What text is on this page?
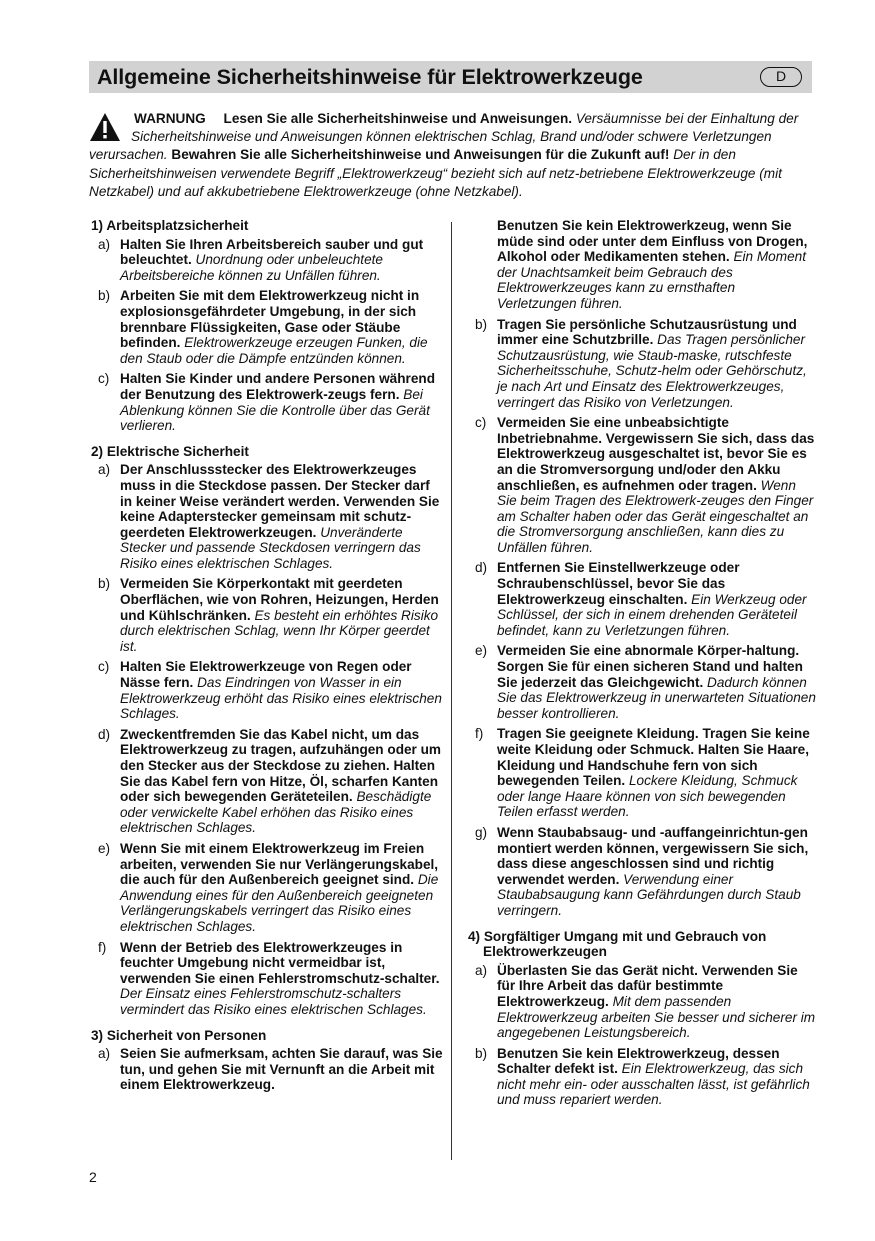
Allgemeine Sicherheitshinweise für Elektrowerkzeuge	D
WARNUNG Lesen Sie alle Sicherheitshinweise und Anweisungen. Versäumnisse bei der Einhaltung der Sicherheitshinweise und Anweisungen können elektrischen Schlag, Brand und/oder schwere Verletzungen verursachen. Bewahren Sie alle Sicherheitshinweise und Anweisungen für die Zukunft auf! Der in den Sicherheitshinweisen verwendete Begriff „Elektrowerkzeug“ bezieht sich auf netz-betriebene Elektrowerkzeuge (mit Netzkabel) und auf akkubetriebene Elektrowerkzeuge (ohne Netzkabel).
1) Arbeitsplatzsicherheit
a) Halten Sie Ihren Arbeitsbereich sauber und gut beleuchtet. Unordnung oder unbeleuchtete Arbeitsbereiche können zu Unfällen führen.
b) Arbeiten Sie mit dem Elektrowerkzeug nicht in explosionsgefährdeter Umgebung, in der sich brennbare Flüssigkeiten, Gase oder Stäube befinden. Elektrowerkzeuge erzeugen Funken, die den Staub oder die Dämpfe entzünden können.
c) Halten Sie Kinder und andere Personen während der Benutzung des Elektrowerk-zeugs fern. Bei Ablenkung können Sie die Kontrolle über das Gerät verlieren.
2) Elektrische Sicherheit
a) Der Anschlussstecker des Elektrowerkzeuges muss in die Steckdose passen. Der Stecker darf in keiner Weise verändert werden. Verwenden Sie keine Adapterstecker gemeinsam mit schutz-geerdeten Elektrowerkzeugen. Unveränderte Stecker und passende Steckdosen verringern das Risiko eines elektrischen Schlages.
b) Vermeiden Sie Körperkontakt mit geerdeten Oberflächen, wie von Rohren, Heizungen, Herden und Kühlschränken. Es besteht ein erhöhtes Risiko durch elektrischen Schlag, wenn Ihr Körper geerdet ist.
c) Halten Sie Elektrowerkzeuge von Regen oder Nässe fern. Das Eindringen von Wasser in ein Elektrowerkzeug erhöht das Risiko eines elektrischen Schlages.
d) Zweckentfremden Sie das Kabel nicht, um das Elektrowerkzeug zu tragen, aufzuhängen oder um den Stecker aus der Steckdose zu ziehen. Halten Sie das Kabel fern von Hitze, Öl, scharfen Kanten oder sich bewegenden Geräteteilen. Beschädigte oder verwickelte Kabel erhöhen das Risiko eines elektrischen Schlages.
e) Wenn Sie mit einem Elektrowerkzeug im Freien arbeiten, verwenden Sie nur Verlängerungskabel, die auch für den Außenbereich geeignet sind. Die Anwendung eines für den Außenbereich geeigneten Verlängerungskabels verringert das Risiko eines elektrischen Schlages.
f) Wenn der Betrieb des Elektrowerkzeuges in feuchter Umgebung nicht vermeidbar ist, verwenden Sie einen Fehlerstromschutz-schalter. Der Einsatz eines Fehlerstromschutz-schalters vermindert das Risiko eines elektrischen Schlages.
3) Sicherheit von Personen
a) Seien Sie aufmerksam, achten Sie darauf, was Sie tun, und gehen Sie mit Vernunft an die Arbeit mit einem Elektrowerkzeug.
Benutzen Sie kein Elektrowerkzeug, wenn Sie müde sind oder unter dem Einfluss von Drogen, Alkohol oder Medikamenten stehen. Ein Moment der Unachtsamkeit beim Gebrauch des Elektrowerkzeuges kann zu ernsthaften Verletzungen führen.
b) Tragen Sie persönliche Schutzausrüstung und immer eine Schutzbrille. Das Tragen persönlicher Schutzausrüstung, wie Staub-maske, rutschfeste Sicherheitsschuhe, Schutz-helm oder Gehörschutz, je nach Art und Einsatz des Elektrowerkzeuges, verringert das Risiko von Verletzungen.
c) Vermeiden Sie eine unbeabsichtigte Inbetriebnahme. Vergewissern Sie sich, dass das Elektrowerkzeug ausgeschaltet ist, bevor Sie es an die Stromversorgung und/oder den Akku anschließen, es aufnehmen oder tragen. Wenn Sie beim Tragen des Elektrowerk-zeuges den Finger am Schalter haben oder das Gerät eingeschaltet an die Stromversorgung anschließen, kann dies zu Unfällen führen.
d) Entfernen Sie Einstellwerkzeuge oder Schraubenschlüssel, bevor Sie das Elektrowerkzeug einschalten. Ein Werkzeug oder Schlüssel, der sich in einem drehenden Geräteteil befindet, kann zu Verletzungen führen.
e) Vermeiden Sie eine abnormale Körper-haltung. Sorgen Sie für einen sicheren Stand und halten Sie jederzeit das Gleichgewicht. Dadurch können Sie das Elektrowerkzeug in unerwarteten Situationen besser kontrollieren.
f) Tragen Sie geeignete Kleidung. Tragen Sie keine weite Kleidung oder Schmuck. Halten Sie Haare, Kleidung und Handschuhe fern von sich bewegenden Teilen. Lockere Kleidung, Schmuck oder lange Haare können von sich bewegenden Teilen erfasst werden.
g) Wenn Staubabsaug- und -auffangeinrichtun-gen montiert werden können, vergewissern Sie sich, dass diese angeschlossen sind und richtig verwendet werden. Verwendung einer Staubabsaugung kann Gefährdungen durch Staub verringern.
4) Sorgfältiger Umgang mit und Gebrauch von Elektrowerkzeugen
a) Überlasten Sie das Gerät nicht. Verwenden Sie für Ihre Arbeit das dafür bestimmte Elektrowerkzeug. Mit dem passenden Elektrowerkzeug arbeiten Sie besser und sicherer im angegebenen Leistungsbereich.
b) Benutzen Sie kein Elektrowerkzeug, dessen Schalter defekt ist. Ein Elektrowerkzeug, das sich nicht mehr ein- oder ausschalten lässt, ist gefährlich und muss repariert werden.
2
